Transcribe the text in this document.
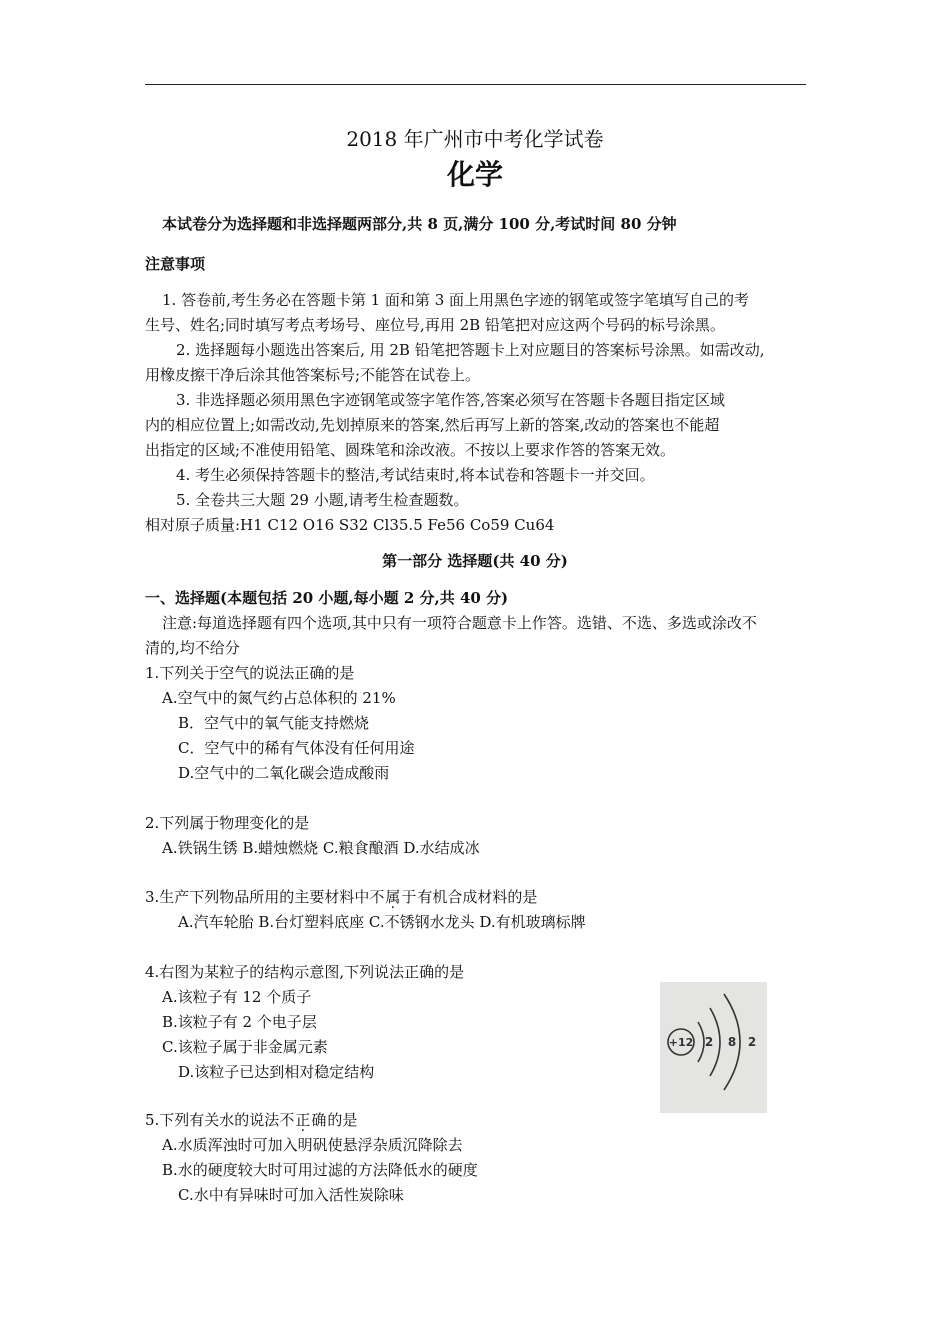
2018 年广州市中考化学试卷
化学
本试卷分为选择题和非选择题两部分,共 8 页,满分 100 分,考试时间 80 分钟
注意事项
1. 答卷前,考生务必在答题卡第 1 面和第 3 面上用黑色字迹的钢笔或签字笔填写自己的考
生号、姓名;同时填写考点考场号、座位号,再用 2B 铅笔把对应这两个号码的标号涂黑。
2. 选择题每小题选出答案后, 用 2B 铅笔把答题卡上对应题目的答案标号涂黑。如需改动,
用橡皮擦干净后涂其他答案标号;不能答在试卷上。
3. 非选择题必须用黑色字迹钢笔或签字笔作答,答案必须写在答题卡各题目指定区域
内的相应位置上;如需改动,先划掉原来的答案,然后再写上新的答案,改动的答案也不能超
出指定的区域;不准使用铅笔、圆珠笔和涂改液。不按以上要求作答的答案无效。
4. 考生必须保持答题卡的整洁,考试结束时,将本试卷和答题卡一并交回。
5. 全卷共三大题 29 小题,请考生检查题数。
相对原子质量:H1 C12 O16 S32 Cl35.5 Fe56 Co59 Cu64
第一部分 选择题(共 40 分)
一、选择题(本题包括 20 小题,每小题 2 分,共 40 分)
注意:每道选择题有四个选项,其中只有一项符合题意卡上作答。选错、不选、多选或涂改不
清的,均不给分
1.下列关于空气的说法正确的是
A.空气中的氮气约占总体积的 21%
B．空气中的氧气能支持燃烧
C．空气中的稀有气体没有任何用途
D.空气中的二氧化碳会造成酸雨
2.下列属于物理变化的是
A.铁锅生锈 B.蜡烛燃烧 C.粮食酿酒 D.水结成冰
3.生产下列物品所用的主要材料中不属于有机合成材料的是
A.汽车轮胎 B.台灯塑料底座 C.不锈钢水龙头 D.有机玻璃标牌
4.右图为某粒子的结构示意图,下列说法正确的是
A.该粒子有 12 个质子
B.该粒子有 2 个电子层
C.该粒子属于非金属元素
D.该粒子已达到相对稳定结构
+12 2 8 2
5.下列有关水的说法不正确的是
A.水质浑浊时可加入明矾使悬浮杂质沉降除去
B.水的硬度较大时可用过滤的方法降低水的硬度
C.水中有异味时可加入活性炭除味
